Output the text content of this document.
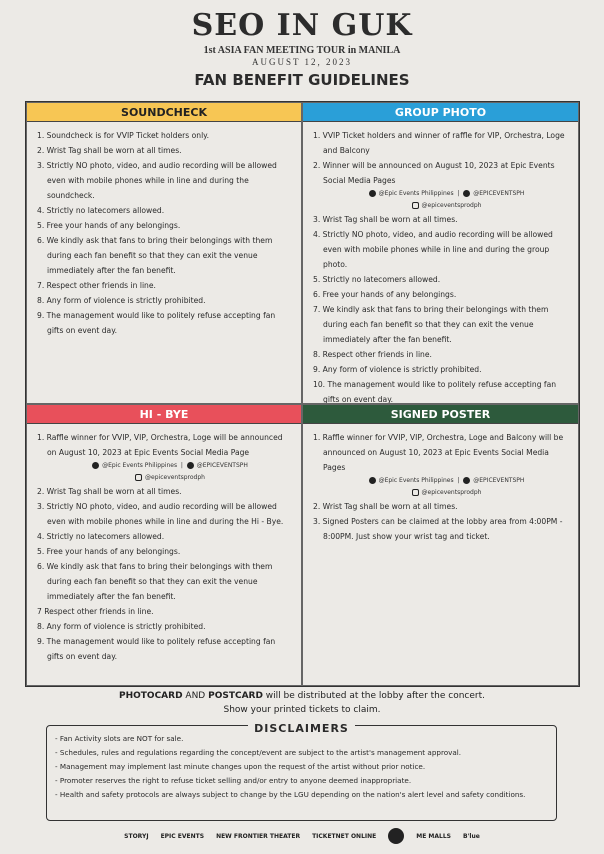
SEO IN GUK
1st ASIA FAN MEETING TOUR in MANILA
AUGUST 12, 2023
FAN BENEFIT GUIDELINES
SOUNDCHECK
1. Soundcheck is for VVIP Ticket holders only.
2. Wrist Tag shall be worn at all times.
3. Strictly NO photo, video, and audio recording will be allowed even with mobile phones while in line and during the soundcheck.
4. Strictly no latecomers allowed.
5. Free your hands of any belongings.
6. We kindly ask that fans to bring their belongings with them during each fan benefit so that they can exit the venue immediately after the fan benefit.
7. Respect other friends in line.
8. Any form of violence is strictly prohibited.
9. The management would like to politely refuse accepting fan gifts on event day.
GROUP PHOTO
1. VVIP Ticket holders and winner of raffle for VIP, Orchestra, Loge and Balcony
2. Winner will be announced on August 10, 2023 at Epic Events Social Media Pages
@Epic Events Philippines  |  @EPICEVENTSPH
@epiceventsprodph
3. Wrist Tag shall be worn at all times.
4. Strictly NO photo, video, and audio recording will be allowed even with mobile phones while in line and during the group photo.
5. Strictly no latecomers allowed.
6. Free your hands of any belongings.
7. We kindly ask that fans to bring their belongings with them during each fan benefit so that they can exit the venue immediately after the fan benefit.
8. Respect other friends in line.
9. Any form of violence is strictly prohibited.
10. The management would like to politely refuse accepting fan gifts on event day.
HI - BYE
1. Raffle winner for VVIP, VIP, Orchestra, Loge will be announced on August 10, 2023 at Epic Events Social Media Page
@Epic Events Philippines  |  @EPICEVENTSPH
@epiceventsprodph
2. Wrist Tag shall be worn at all times.
3. Strictly NO photo, video, and audio recording will be allowed even with mobile phones while in line and during the Hi - Bye.
4. Strictly no latecomers allowed.
5. Free your hands of any belongings.
6. We kindly ask that fans to bring their belongings with them during each fan benefit so that they can exit the venue immediately after the fan benefit.
7 Respect other friends in line.
8. Any form of violence is strictly prohibited.
9. The management would like to politely refuse accepting fan gifts on event day.
SIGNED POSTER
1. Raffle winner for VVIP, VIP, Orchestra, Loge and Balcony will be announced on August 10, 2023 at Epic Events Social Media Pages
@Epic Events Philippines  |  @EPICEVENTSPH
@epiceventsprodph
2. Wrist Tag shall be worn at all times.
3. Signed Posters can be claimed at the lobby area from 4:00PM - 8:00PM. Just show your wrist tag and ticket.
PHOTOCARD AND POSTCARD will be distributed at the lobby after the concert.
Show your printed tickets to claim.
DISCLAIMERS
- Fan Activity slots are NOT for sale.
- Schedules, rules and regulations regarding the concept/event are subject to the artist's management approval.
- Management may implement last minute changes upon the request of the artist without prior notice.
- Promoter reserves the right to refuse ticket selling and/or entry to anyone deemed inappropriate.
- Health and safety protocols are always subject to change by the LGU depending on the nation's alert level and safety conditions.
STORYJ EPIC EVENTS NEW FRONTIER THEATER TICKETNET ONLINE	ME MALLS B'lue
